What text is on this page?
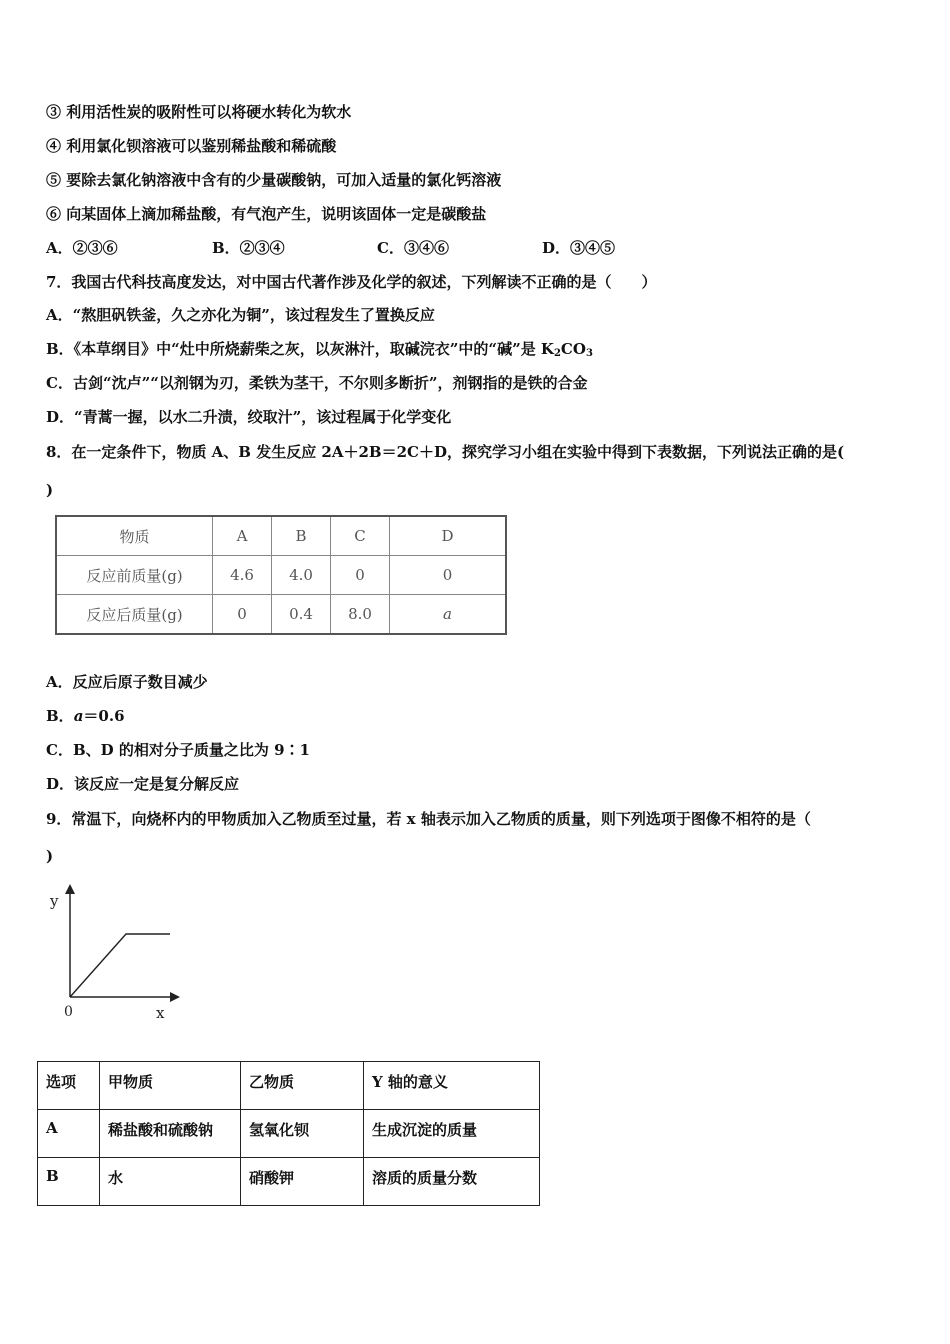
③ 利用活性炭的吸附性可以将硬水转化为软水
④ 利用氯化钡溶液可以鉴别稀盐酸和稀硫酸
⑤ 要除去氯化钠溶液中含有的少量碳酸钠，可加入适量的氯化钙溶液
⑥ 向某固体上滴加稀盐酸，有气泡产生，说明该固体一定是碳酸盐
A．②③⑥	B．②③④	C．③④⑥	D．③④⑤
7．我国古代科技高度发达，对中国古代著作涉及化学的叙述，下列解读不正确的是（　　）
A．“熬胆矾铁釜，久之亦化为铜”，该过程发生了置换反应
B．《本草纲目》中“灶中所烧薪柴之灰，以灰淋汁，取碱浣衣”中的“碱”是 $K_2CO_3$
C．古剑“沈卢”“以剂钢为刃，柔铁为茎干，不尔则多断折”，剂钢指的是铁的合金
D．“青蒿一握，以水二升渍，绞取汁”，该过程属于化学变化
8．在一定条件下，物质 A、B 发生反应 2A＋2B＝2C＋D，探究学习小组在实验中得到下表数据，下列说法正确的是(
)
物质	A	B	C	D
反应前质量(g)	4.6	4.0	0	0
反应后质量(g)	0	0.4	8.0	a
A．反应后原子数目减少
B．a＝0.6
C．B、D 的相对分子质量之比为 9∶1
D．该反应一定是复分解反应
9．常温下，向烧杯内的甲物质加入乙物质至过量，若 x 轴表示加入乙物质的质量，则下列选项于图像不相符的是（
)
y
x
0
选项	甲物质	乙物质	Y 轴的意义
A	稀盐酸和硫酸钠	氢氧化钡	生成沉淀的质量
B	水	硝酸钾	溶质的质量分数
